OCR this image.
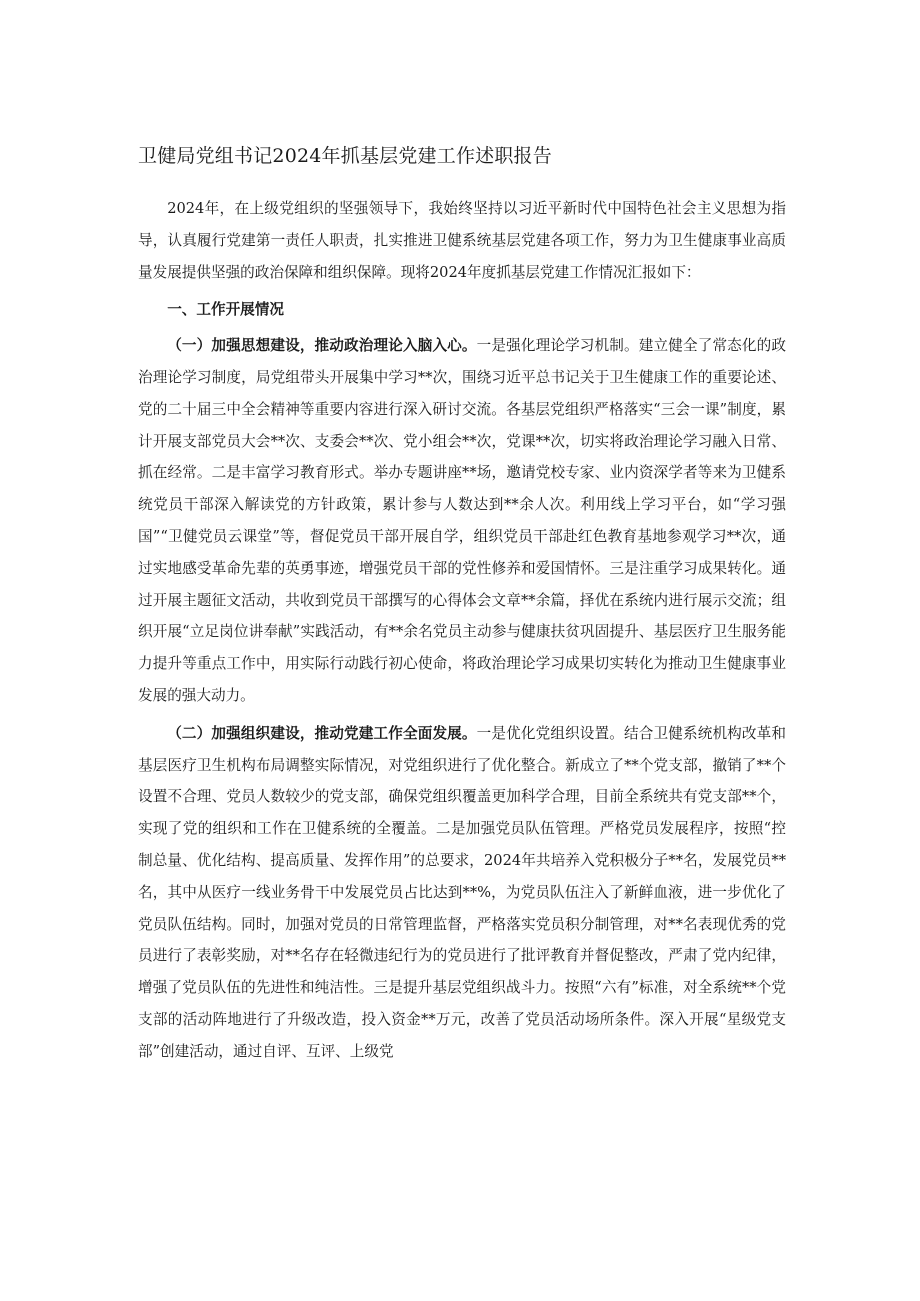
卫健局党组书记2024年抓基层党建工作述职报告

2024年，在上级党组织的坚强领导下，我始终坚持以习近平新时代中国特色社会主义思想为指导，认真履行党建第一责任人职责，扎实推进卫健系统基层党建各项工作，努力为卫生健康事业高质量发展提供坚强的政治保障和组织保障。现将2024年度抓基层党建工作情况汇报如下：

一、工作开展情况

（一）加强思想建设，推动政治理论入脑入心。一是强化理论学习机制。建立健全了常态化的政治理论学习制度，局党组带头开展集中学习**次，围绕习近平总书记关于卫生健康工作的重要论述、党的二十届三中全会精神等重要内容进行深入研讨交流。各基层党组织严格落实“三会一课”制度，累计开展支部党员大会**次、支委会**次、党小组会**次，党课**次，切实将政治理论学习融入日常、抓在经常。二是丰富学习教育形式。举办专题讲座**场，邀请党校专家、业内资深学者等来为卫健系统党员干部深入解读党的方针政策，累计参与人数达到**余人次。利用线上学习平台，如“学习强国”“卫健党员云课堂”等，督促党员干部开展自学，组织党员干部赴红色教育基地参观学习**次，通过实地感受革命先辈的英勇事迹，增强党员干部的党性修养和爱国情怀。三是注重学习成果转化。通过开展主题征文活动，共收到党员干部撰写的心得体会文章**余篇，择优在系统内进行展示交流；组织开展“立足岗位讲奉献”实践活动，有**余名党员主动参与健康扶贫巩固提升、基层医疗卫生服务能力提升等重点工作中，用实际行动践行初心使命，将政治理论学习成果切实转化为推动卫生健康事业发展的强大动力。

（二）加强组织建设，推动党建工作全面发展。一是优化党组织设置。结合卫健系统机构改革和基层医疗卫生机构布局调整实际情况，对党组织进行了优化整合。新成立了**个党支部，撤销了**个设置不合理、党员人数较少的党支部，确保党组织覆盖更加科学合理，目前全系统共有党支部**个，实现了党的组织和工作在卫健系统的全覆盖。二是加强党员队伍管理。严格党员发展程序，按照“控制总量、优化结构、提高质量、发挥作用”的总要求，2024年共培养入党积极分子**名，发展党员**名，其中从医疗一线业务骨干中发展党员占比达到**%，为党员队伍注入了新鲜血液，进一步优化了党员队伍结构。同时，加强对党员的日常管理监督，严格落实党员积分制管理，对**名表现优秀的党员进行了表彰奖励，对**名存在轻微违纪行为的党员进行了批评教育并督促整改，严肃了党内纪律，增强了党员队伍的先进性和纯洁性。三是提升基层党组织战斗力。按照“六有”标准，对全系统**个党支部的活动阵地进行了升级改造，投入资金**万元，改善了党员活动场所条件。深入开展“星级党支部”创建活动，通过自评、互评、上级党
